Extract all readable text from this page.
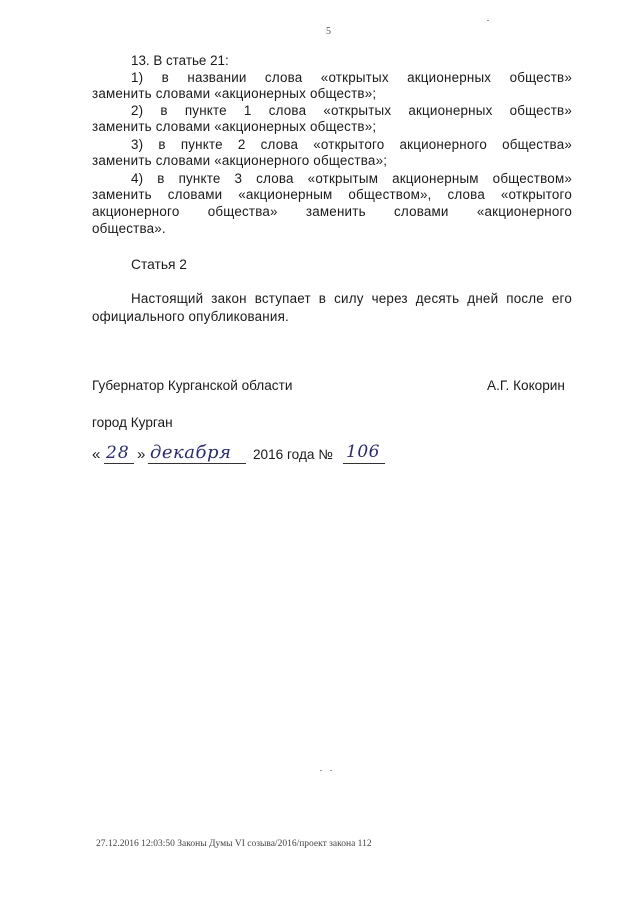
5
13. В статье 21:
1) в названии слова «открытых акционерных обществ»
заменить словами «акционерных обществ»;
2) в пункте 1 слова «открытых акционерных обществ»
заменить словами «акционерных обществ»;
3) в пункте 2 слова «открытого акционерного общества»
заменить словами «акционерного общества»;
4) в пункте 3 слова «открытым акционерным обществом»
заменить словами «акционерным обществом», слова «открытого
акционерного общества» заменить словами «акционерного
общества».
Статья 2
Настоящий закон вступает в силу через десять дней после его
официального опубликования.
Губернатор Курганской области	А.Г. Кокорин
город Курган
« 28 » декабря 2016 года № 106
27.12.2016 12:03:50 Законы Думы VI созыва/2016/проект закона 112
